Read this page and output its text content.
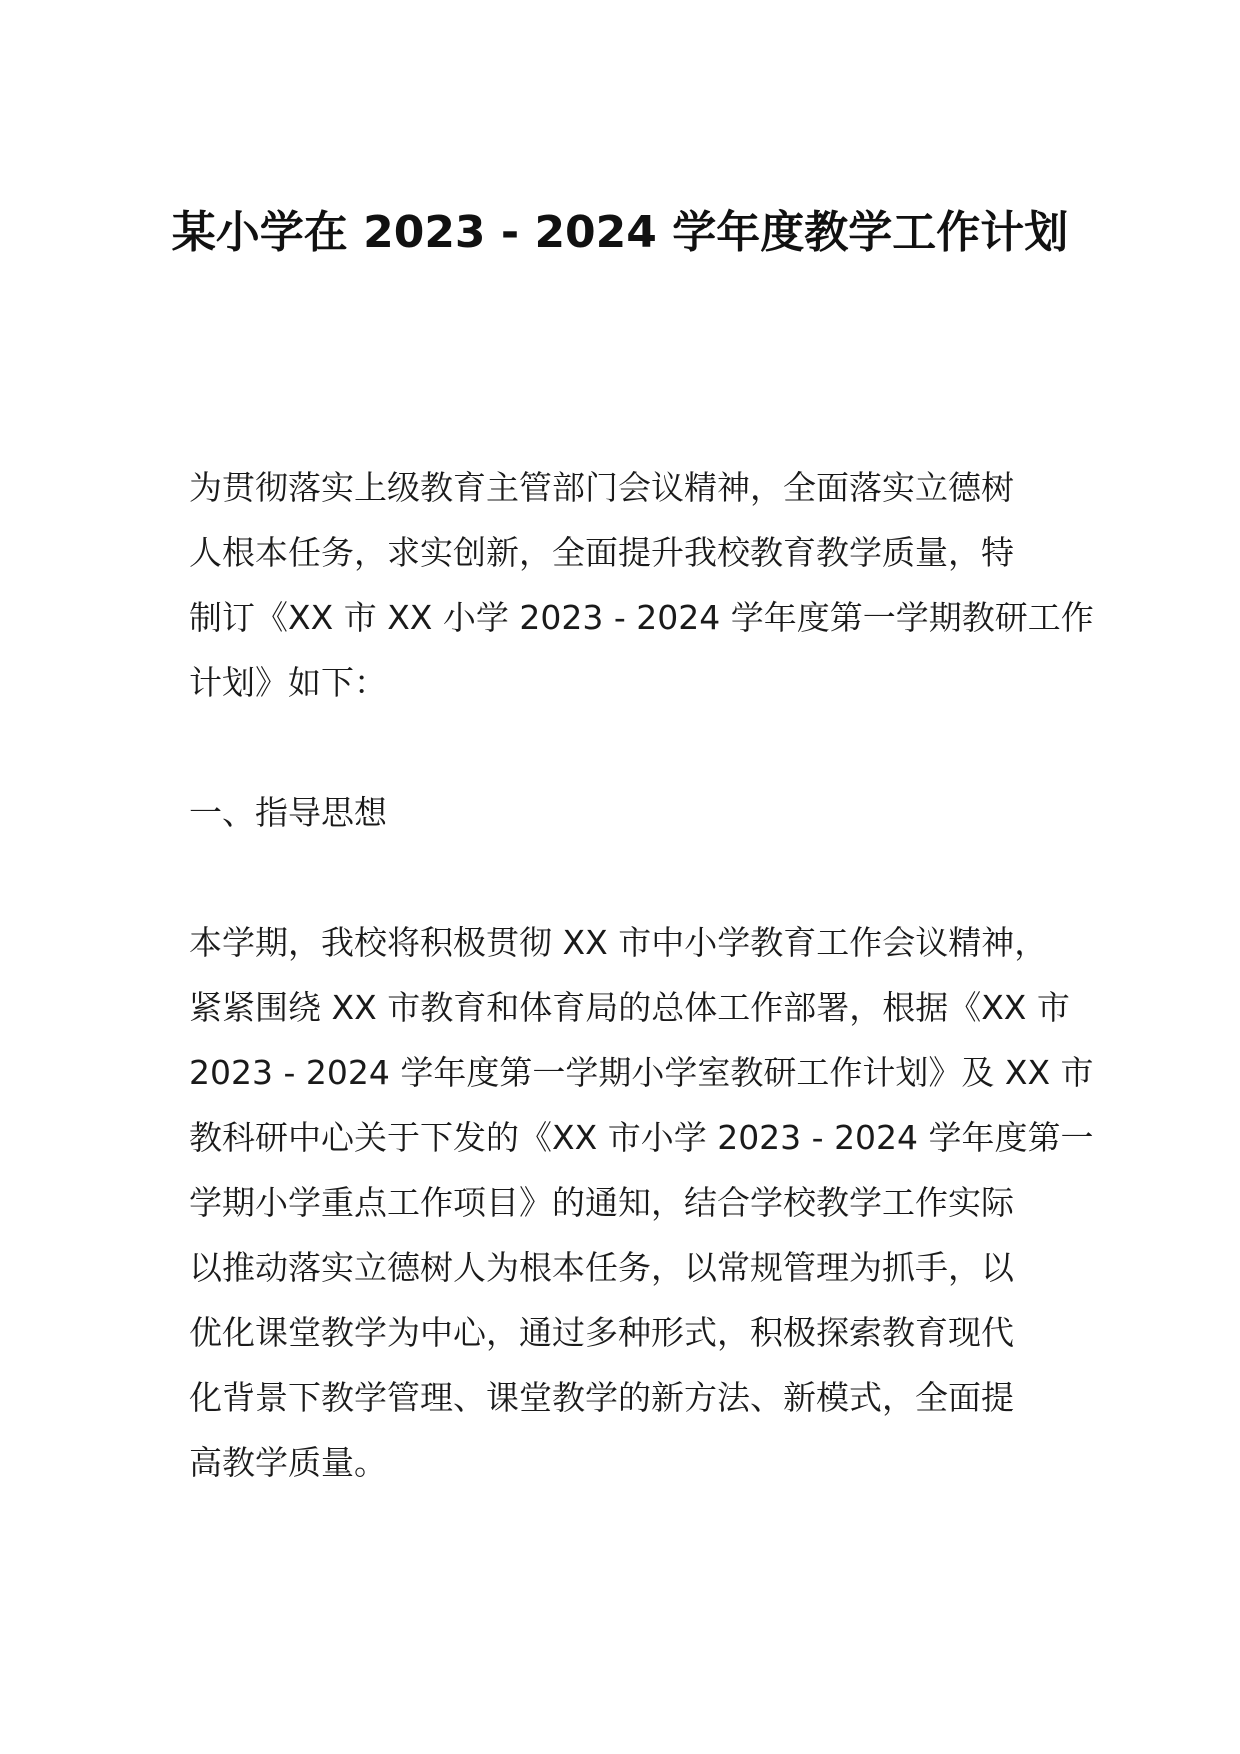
某小学在 2023 - 2024 学年度教学工作计划

为贯彻落实上级教育主管部门会议精神，全面落实立德树
人根本任务，求实创新，全面提升我校教育教学质量，特
制订《XX 市 XX 小学 2023 - 2024 学年度第一学期教研工作
计划》如下：

一、指导思想

本学期，我校将积极贯彻 XX 市中小学教育工作会议精神，
紧紧围绕 XX 市教育和体育局的总体工作部署，根据《XX 市
2023 - 2024 学年度第一学期小学室教研工作计划》及 XX 市
教科研中心关于下发的《XX 市小学 2023 - 2024 学年度第一
学期小学重点工作项目》的通知，结合学校教学工作实际
以推动落实立德树人为根本任务，以常规管理为抓手，以
优化课堂教学为中心，通过多种形式，积极探索教育现代
化背景下教学管理、课堂教学的新方法、新模式，全面提
高教学质量。
